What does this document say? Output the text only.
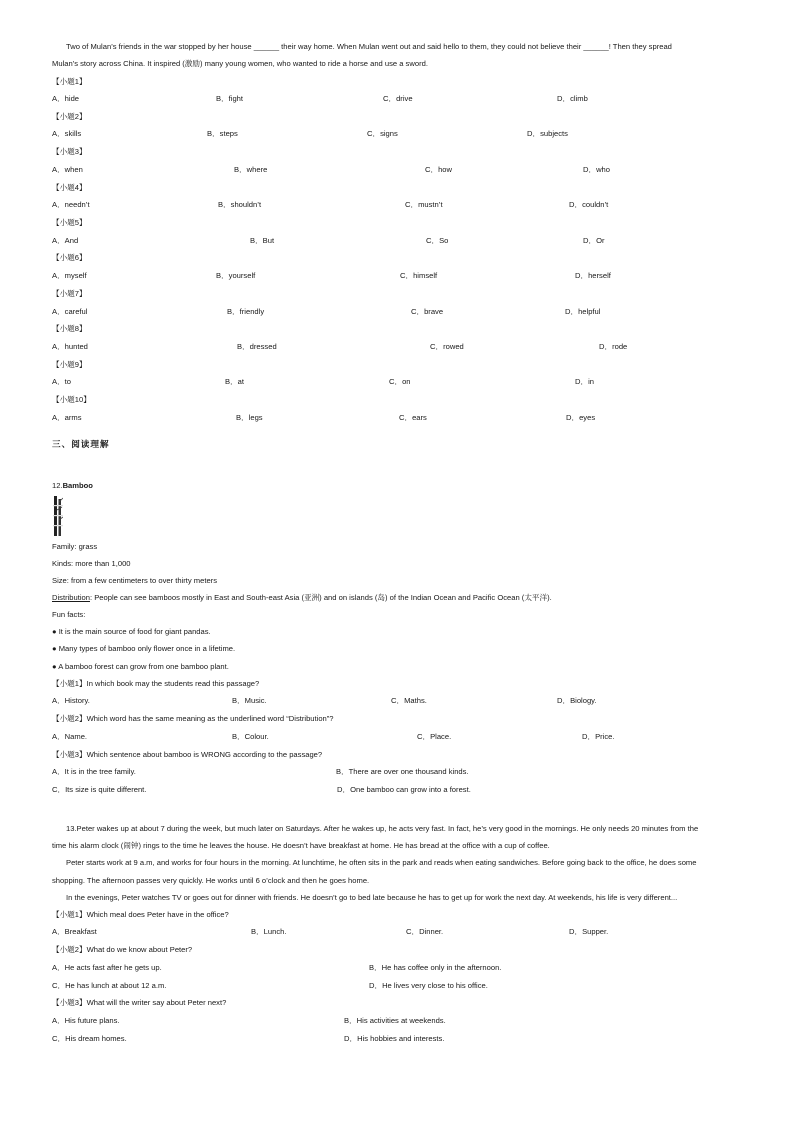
Two of Mulan’s friends in the war stopped by her house ______ their way home. When Mulan went out and said hello to them, they could not believe their ______! Then they spread
Mulan’s story across China. It inspired (激励) many young women, who wanted to ride a horse and use a sword.
【小题1】
A．hide	B．fight	C．drive	D．climb
【小题2】
A．skills	B．steps	C．signs	D．subjects
【小题3】
A．when	B．where	C．how	D．who
【小题4】
A．needn’t	B．shouldn’t	C．mustn’t	D．couldn’t
【小题5】
A．And	B．But	C．So	D．Or
【小题6】
A．myself	B．yourself	C．himself	D．herself
【小题7】
A．careful	B．friendly	C．brave	D．helpful
【小题8】
A．hunted	B．dressed	C．rowed	D．rode
【小题9】
A．to	B．at	C．on	D．in
【小题10】
A．arms	B．legs	C．ears	D．eyes
三、阅读理解
12.Bamboo
Family: grass
Kinds: more than 1,000
Size: from a few centimeters to over thirty meters
Distribution: People can see bamboos mostly in East and South-east Asia (亚洲) and on islands (岛) of the Indian Ocean and Pacific Ocean (太平洋).
Fun facts:
● It is the main source of food for giant pandas.
● Many types of bamboo only flower once in a lifetime.
● A bamboo forest can grow from one bamboo plant.
【小题1】In which book may the students read this passage?
A．History.	B．Music.	C．Maths.	D．Biology.
【小题2】Which word has the same meaning as the underlined word “Distribution”?
A．Name.	B．Colour.	C．Place.	D．Price.
【小题3】Which sentence about bamboo is WRONG according to the passage?
A．It is in the tree family.	B．There are over one thousand kinds.
C．Its size is quite different.	D．One bamboo can grow into a forest.
13.Peter wakes up at about 7 during the week, but much later on Saturdays. After he wakes up, he acts very fast. In fact, he’s very good in the mornings. He only needs 20 minutes from the
time his alarm clock (闹钟) rings to the time he leaves the house. He doesn’t have breakfast at home. He has bread at the office with a cup of coffee.
Peter starts work at 9 a.m, and works for four hours in the morning. At lunchtime, he often sits in the park and reads when eating sandwiches. Before going back to the office, he does some
shopping. The afternoon passes very quickly. He works until 6 o’clock and then he goes home.
In the evenings, Peter watches TV or goes out for dinner with friends. He doesn’t go to bed late because he has to get up for work the next day. At weekends, his life is very different...
【小题1】Which meal does Peter have in the office?
A．Breakfast	B．Lunch.	C．Dinner.	D．Supper.
【小题2】What do we know about Peter?
A．He acts fast after he gets up.	B．He has coffee only in the afternoon.
C．He has lunch at about 12 a.m.	D．He lives very close to his office.
【小题3】What will the writer say about Peter next?
A．His future plans.	B．His activities at weekends.
C．His dream homes.	D．His hobbies and interests.
